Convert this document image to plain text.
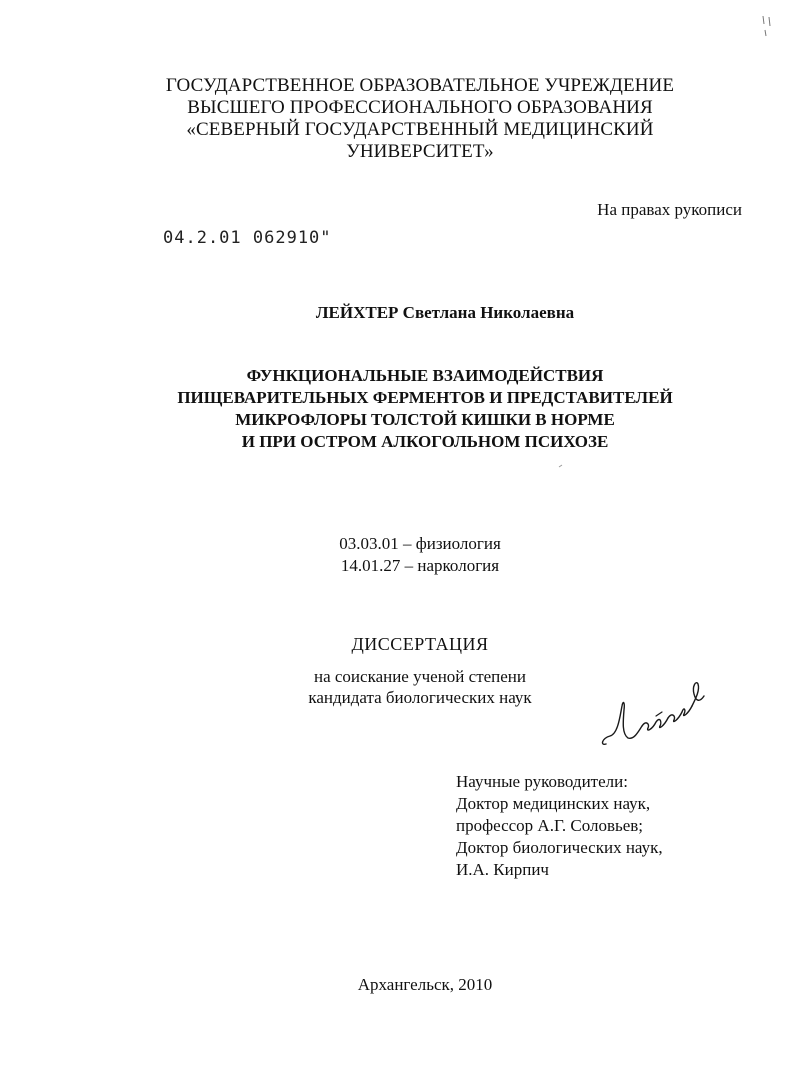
ГОСУДАРСТВЕННОЕ ОБРАЗОВАТЕЛЬНОЕ УЧРЕЖДЕНИЕ
ВЫСШЕГО ПРОФЕССИОНАЛЬНОГО ОБРАЗОВАНИЯ
«СЕВЕРНЫЙ ГОСУДАРСТВЕННЫЙ МЕДИЦИНСКИЙ
УНИВЕРСИТЕТ»
На правах рукописи
04.2.01 062910"
ЛЕЙХТЕР Светлана Николаевна
ФУНКЦИОНАЛЬНЫЕ ВЗАИМОДЕЙСТВИЯ
ПИЩЕВАРИТЕЛЬНЫХ ФЕРМЕНТОВ И ПРЕДСТАВИТЕЛЕЙ
МИКРОФЛОРЫ ТОЛСТОЙ КИШКИ В НОРМЕ
И ПРИ ОСТРОМ АЛКОГОЛЬНОМ ПСИХОЗЕ
03.03.01 – физиология
14.01.27 – наркология
ДИССЕРТАЦИЯ
на соискание ученой степени
кандидата биологических наук
Научные руководители:
Доктор медицинских наук,
профессор А.Г. Соловьев;
Доктор биологических наук,
И.А. Кирпич
Архангельск, 2010
